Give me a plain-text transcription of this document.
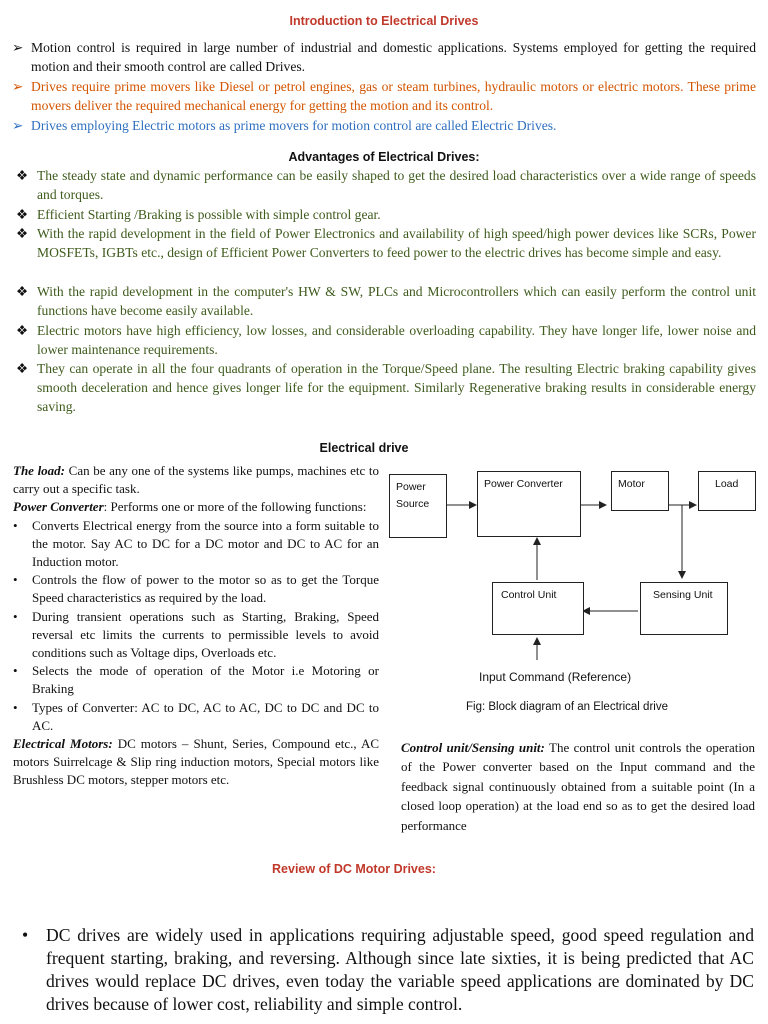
Introduction to Electrical Drives
➢ Motion control is required in large number of industrial and domestic applications. Systems employed for getting the required motion and their smooth control are called Drives.
➢ Drives require prime movers like Diesel or petrol engines, gas or steam turbines, hydraulic motors or electric motors. These prime movers deliver the required mechanical energy for getting the motion and its control.
➢ Drives employing Electric motors as prime movers for motion control are called Electric Drives.
Advantages of Electrical Drives:
❖ The steady state and dynamic performance can be easily shaped to get the desired load characteristics over a wide range of speeds and torques.
❖ Efficient Starting /Braking is possible with simple control gear.
❖ With the rapid development in the field of Power Electronics and availability of high speed/high power devices like SCRs, Power MOSFETs, IGBTs etc., design of Efficient Power Converters to feed power to the electric drives has become simple and easy.
❖ With the rapid development in the computer's HW & SW, PLCs and Microcontrollers which can easily perform the control unit functions have become easily available.
❖ Electric motors have high efficiency, low losses, and considerable overloading capability. They have longer life, lower noise and lower maintenance requirements.
❖ They can operate in all the four quadrants of operation in the Torque/Speed plane. The resulting Electric braking capability gives smooth deceleration and hence gives longer life for the equipment. Similarly Regenerative braking results in considerable energy saving.
Electrical drive
The load: Can be any one of the systems like pumps, machines etc to carry out a specific task.
Power Converter: Performs one or more of the following functions:
• Converts Electrical energy from the source into a form suitable to the motor. Say AC to DC for a DC motor and DC to AC for an Induction motor.
• Controls the flow of power to the motor so as to get the Torque Speed characteristics as required by the load.
• During transient operations such as Starting, Braking, Speed reversal etc limits the currents to permissible levels to avoid conditions such as Voltage dips, Overloads etc.
• Selects the mode of operation of the Motor i.e Motoring or Braking
• Types of Converter: AC to DC, AC to AC, DC to DC and DC to AC.
Electrical Motors: DC motors – Shunt, Series, Compound etc., AC motors Suirrelcage & Slip ring induction motors, Special motors like Brushless DC motors, stepper motors etc.
Power
Source
Power Converter	Motor	Load
Control Unit	Sensing Unit
Input Command (Reference)
Fig: Block diagram of an Electrical drive
Control unit/Sensing unit: The control unit controls the operation of the Power converter based on the Input command and the feedback signal continuously obtained from a suitable point (In a closed loop operation) at the load end so as to get the desired load performance
Review of DC Motor Drives:
• DC drives are widely used in applications requiring adjustable speed, good speed regulation and frequent starting, braking, and reversing. Although since late sixties, it is being predicted that AC drives would replace DC drives, even today the variable speed applications are dominated by DC drives because of lower cost, reliability and simple control.
